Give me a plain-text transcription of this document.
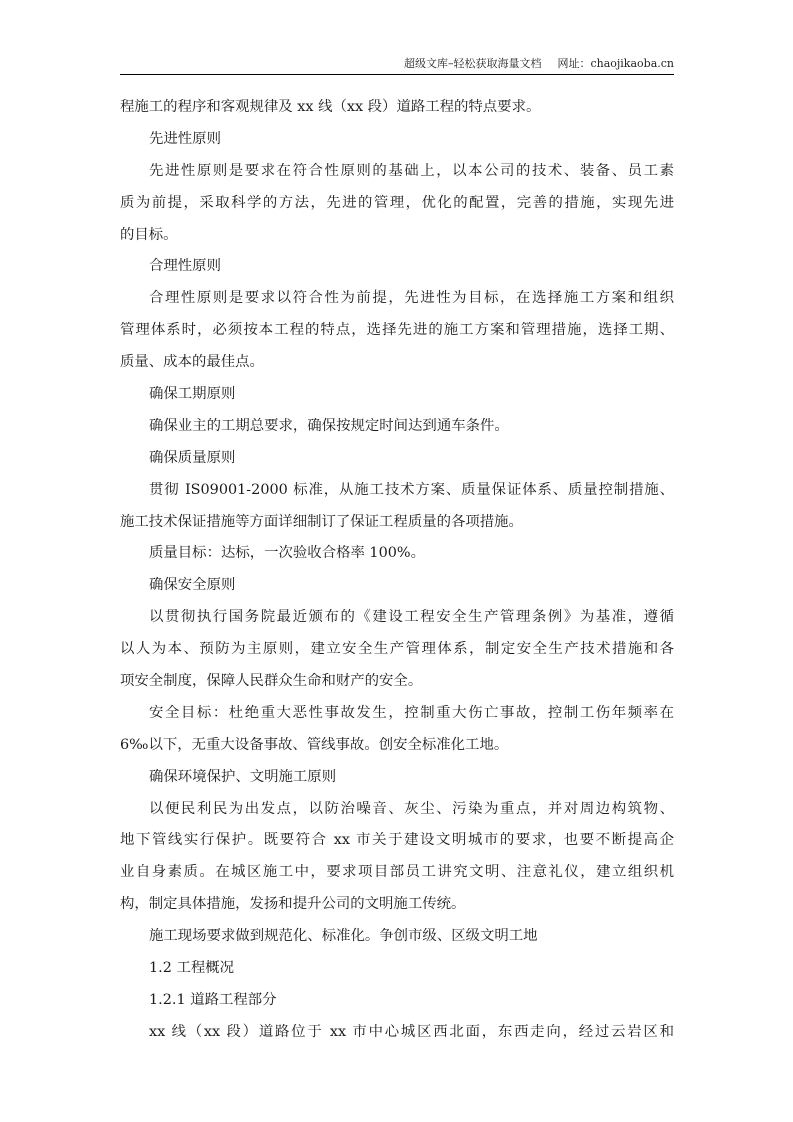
超级文库–轻松获取海量文档 网址：chaojikaoba.cn
程施工的程序和客观规律及 xx 线（xx 段）道路工程的特点要求。
先进性原则
先进性原则是要求在符合性原则的基础上，以本公司的技术、装备、员工素
质为前提，采取科学的方法，先进的管理，优化的配置，完善的措施，实现先进
的目标。
合理性原则
合理性原则是要求以符合性为前提，先进性为目标，在选择施工方案和组织
管理体系时，必须按本工程的特点，选择先进的施工方案和管理措施，选择工期、
质量、成本的最佳点。
确保工期原则
确保业主的工期总要求，确保按规定时间达到通车条件。
确保质量原则
贯彻 IS09001-2000 标准，从施工技术方案、质量保证体系、质量控制措施、
施工技术保证措施等方面详细制订了保证工程质量的各项措施。
质量目标：达标，一次验收合格率 100%。
确保安全原则
以贯彻执行国务院最近颁布的《建设工程安全生产管理条例》为基准，遵循
以人为本、预防为主原则，建立安全生产管理体系，制定安全生产技术措施和各
项安全制度，保障人民群众生命和财产的安全。
安全目标：杜绝重大恶性事故发生，控制重大伤亡事故，控制工伤年频率在
6‰以下，无重大设备事故、管线事故。创安全标准化工地。
确保环境保护、文明施工原则
以便民利民为出发点，以防治噪音、灰尘、污染为重点，并对周边构筑物、
地下管线实行保护。既要符合 xx 市关于建设文明城市的要求，也要不断提高企
业自身素质。在城区施工中，要求项目部员工讲究文明、注意礼仪，建立组织机
构，制定具体措施，发扬和提升公司的文明施工传统。
施工现场要求做到规范化、标准化。争创市级、区级文明工地
1.2 工程概况
1.2.1 道路工程部分
xx 线（xx 段）道路位于 xx 市中心城区西北面，东西走向，经过云岩区和
